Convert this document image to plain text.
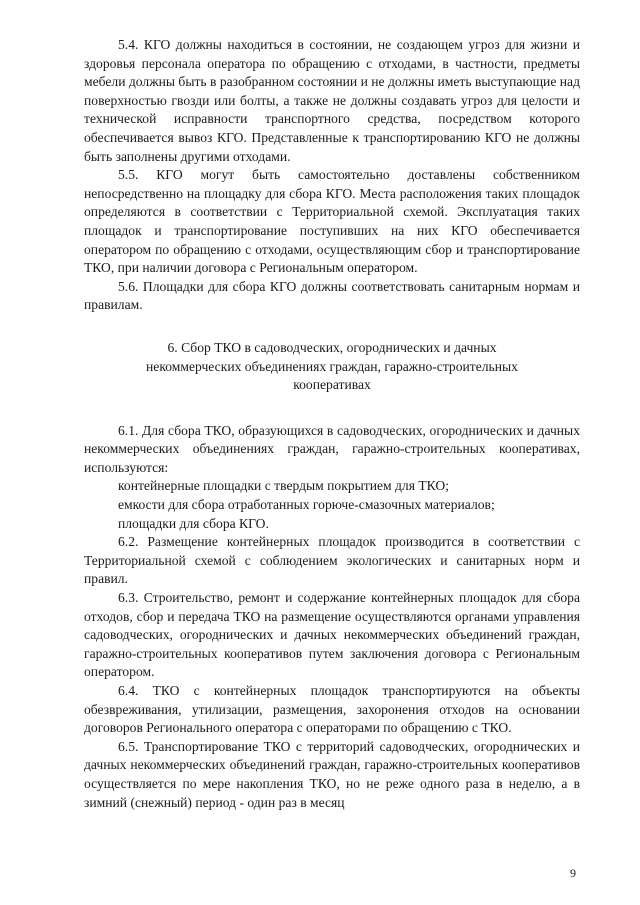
5.4. КГО должны находиться в состоянии, не создающем угроз для жизни и здоровья персонала оператора по обращению с отходами, в частности, предметы мебели должны быть в разобранном состоянии и не должны иметь выступающие над поверхностью гвозди или болты, а также не должны создавать угроз для целости и технической исправности транспортного средства, посредством которого обеспечивается вывоз КГО. Представленные к транспортированию КГО не должны быть заполнены другими отходами.

5.5. КГО могут быть самостоятельно доставлены собственником непосредственно на площадку для сбора КГО. Места расположения таких площадок определяются в соответствии с Территориальной схемой. Эксплуатация таких площадок и транспортирование поступивших на них КГО обеспечивается оператором по обращению с отходами, осуществляющим сбор и транспортирование ТКО, при наличии договора с Региональным оператором.

5.6. Площадки для сбора КГО должны соответствовать санитарным нормам и правилам.

6. Сбор ТКО в садоводческих, огороднических и дачных некоммерческих объединениях граждан, гаражно-строительных кооперативах

6.1. Для сбора ТКО, образующихся в садоводческих, огороднических и дачных некоммерческих объединениях граждан, гаражно-строительных кооперативах, используются:

контейнерные площадки с твердым покрытием для ТКО;

емкости для сбора отработанных горюче-смазочных материалов;

площадки для сбора КГО.

6.2. Размещение контейнерных площадок производится в соответствии с Территориальной схемой с соблюдением экологических и санитарных норм и правил.

6.3. Строительство, ремонт и содержание контейнерных площадок для сбора отходов, сбор и передача ТКО на размещение осуществляются органами управления садоводческих, огороднических и дачных некоммерческих объединений граждан, гаражно-строительных кооперативов путем заключения договора с Региональным оператором.

6.4. ТКО с контейнерных площадок транспортируются на объекты обезвреживания, утилизации, размещения, захоронения отходов на основании договоров Регионального оператора с операторами по обращению с ТКО.

6.5. Транспортирование ТКО с территорий садоводческих, огороднических и дачных некоммерческих объединений граждан, гаражно-строительных кооперативов осуществляется по мере накопления ТКО, но не реже одного раза в неделю, а в зимний (снежный) период - один раз в месяц

9
